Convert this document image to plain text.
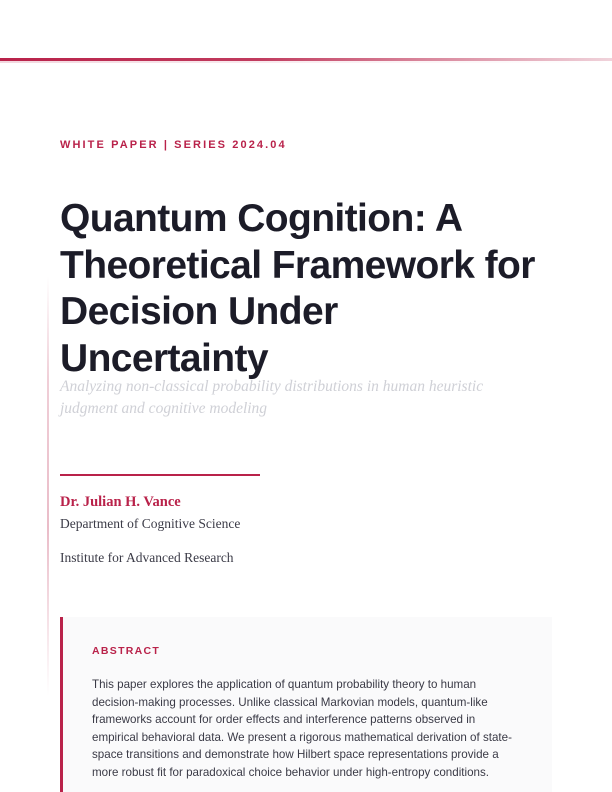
WHITE PAPER | SERIES 2024.04
Quantum Cognition: A Theoretical Framework for Decision Under Uncertainty
Analyzing non-classical probability distributions in human heuristic judgment and cognitive modeling
Dr. Julian H. Vance
Department of Cognitive Science
Institute for Advanced Research
ABSTRACT
This paper explores the application of quantum probability theory to human decision-making processes. Unlike classical Markovian models, quantum-like frameworks account for order effects and interference patterns observed in empirical behavioral data. We present a rigorous mathematical derivation of state-space transitions and demonstrate how Hilbert space representations provide a more robust fit for paradoxical choice behavior under high-entropy conditions.
